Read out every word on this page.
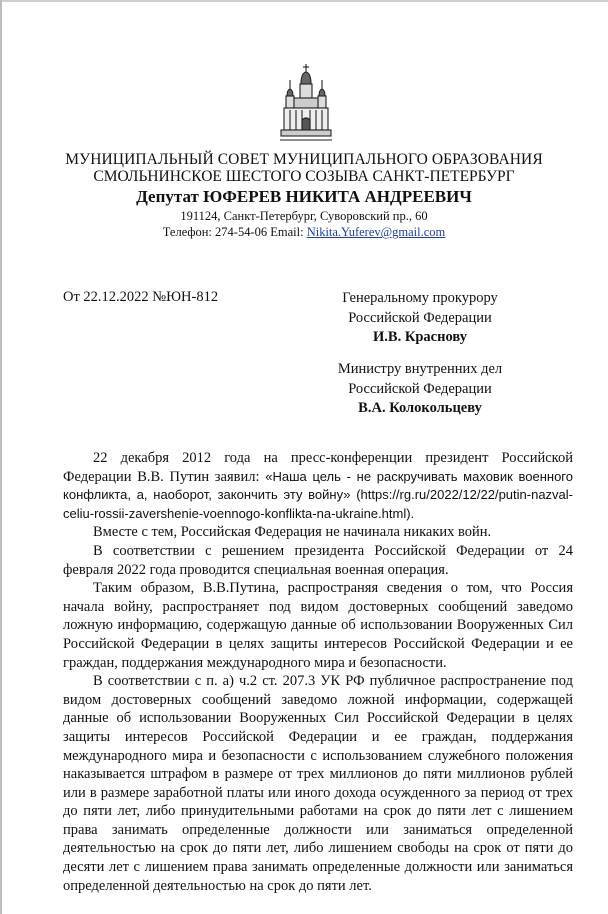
МУНИЦИПАЛЬНЫЙ СОВЕТ МУНИЦИПАЛЬНОГО ОБРАЗОВАНИЯ
СМОЛЬНИНСКОЕ ШЕСТОГО СОЗЫВА САНКТ-ПЕТЕРБУРГ
Депутат ЮФЕРЕВ НИКИТА АНДРЕЕВИЧ
191124, Санкт-Петербург, Суворовский пр., 60
Телефон: 274-54-06 Email: Nikita.Yuferev@gmail.com
От 22.12.2022 №ЮН-812	Генеральному прокурору
Российской Федерации
И.В. Краснову
Министру внутренних дел
Российской Федерации
В.А. Колокольцеву

22 декабря 2012 года на пресс-конференции президент Российской Федерации В.В. Путин заявил: «Наша цель - не раскручивать маховик военного конфликта, а, наоборот, закончить эту войну» (https://rg.ru/2022/12/22/putin-nazval-celiu-rossii-zavershenie-voennogo-konflikta-na-ukraine.html).

Вместе с тем, Российская Федерация не начинала никаких войн.

В соответствии с решением президента Российской Федерации от 24 февраля 2022 года проводится специальная военная операция.

Таким образом, В.В.Путина, распространяя сведения о том, что Россия начала войну, распространяет под видом достоверных сообщений заведомо ложную информацию, содержащую данные об использовании Вооруженных Сил Российской Федерации в целях защиты интересов Российской Федерации и ее граждан, поддержания международного мира и безопасности.

В соответствии с п. а) ч.2 ст. 207.3 УК РФ публичное распространение под видом достоверных сообщений заведомо ложной информации, содержащей данные об использовании Вооруженных Сил Российской Федерации в целях защиты интересов Российской Федерации и ее граждан, поддержания международного мира и безопасности с использованием служебного положения наказывается штрафом в размере от трех миллионов до пяти миллионов рублей или в размере заработной платы или иного дохода осужденного за период от трех до пяти лет, либо принудительными работами на срок до пяти лет с лишением права занимать определенные должности или заниматься определенной деятельностью на срок до пяти лет, либо лишением свободы на срок от пяти до десяти лет с лишением права занимать определенные должности или заниматься определенной деятельностью на срок до пяти лет.
